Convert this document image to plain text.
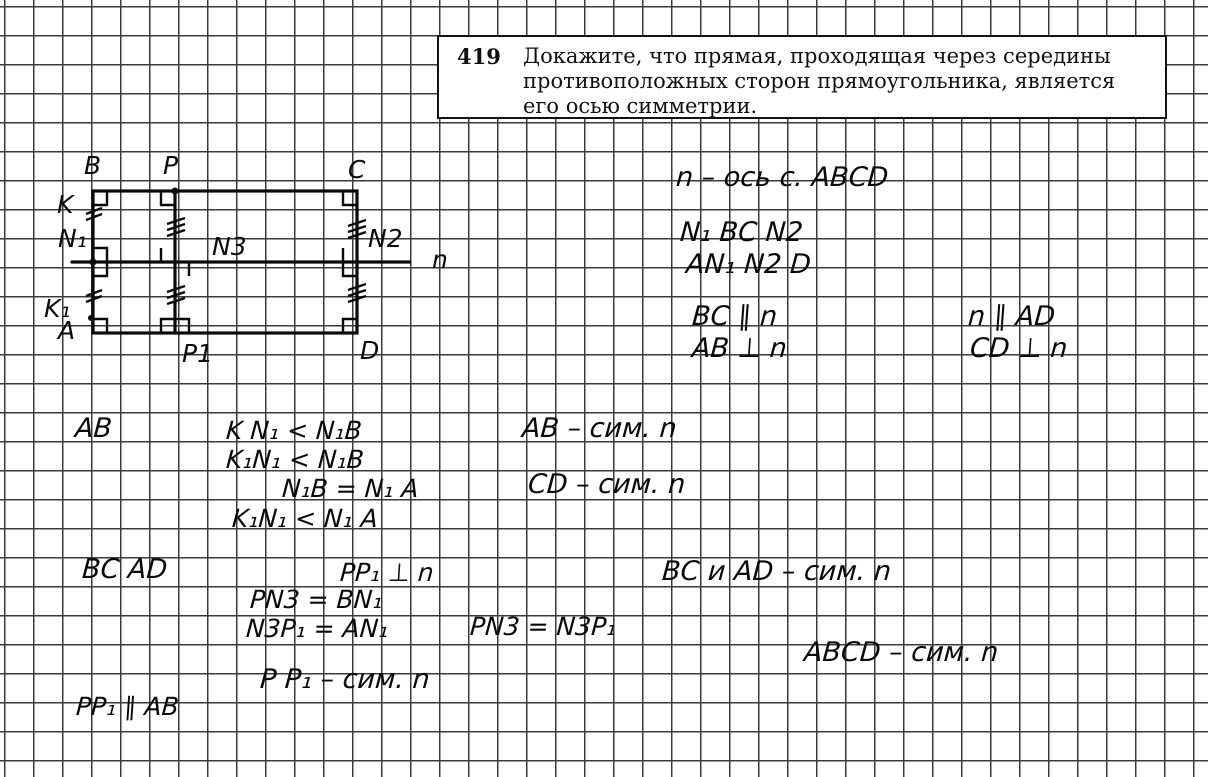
419 Докажите, что прямая, проходящая через середины противоположных сторон прямоугольника, является его осью симметрии.
B P	C
K
N₁	N3	N2
n
K₁
A
P1	D
n – ось с. ABCD
N₁ BC N2
AN₁ N2 D
BC ∥ n
AB ⊥ n
n ∥ AD
CD ⊥ n
AB	K N₁ < N₁B
K₁N₁ < N₁B
N₁B = N₁ A
K₁N₁ < N₁ A
AB – сим. n
CD – сим. n
BC AD	PP₁ ⊥ n	BC и AD – сим. n
PN3 = BN₁
N3P₁ = AN₁	PN3 = N3P₁
ABCD – сим. n
P P₁ – сим. n
PP₁ ∥ AB
